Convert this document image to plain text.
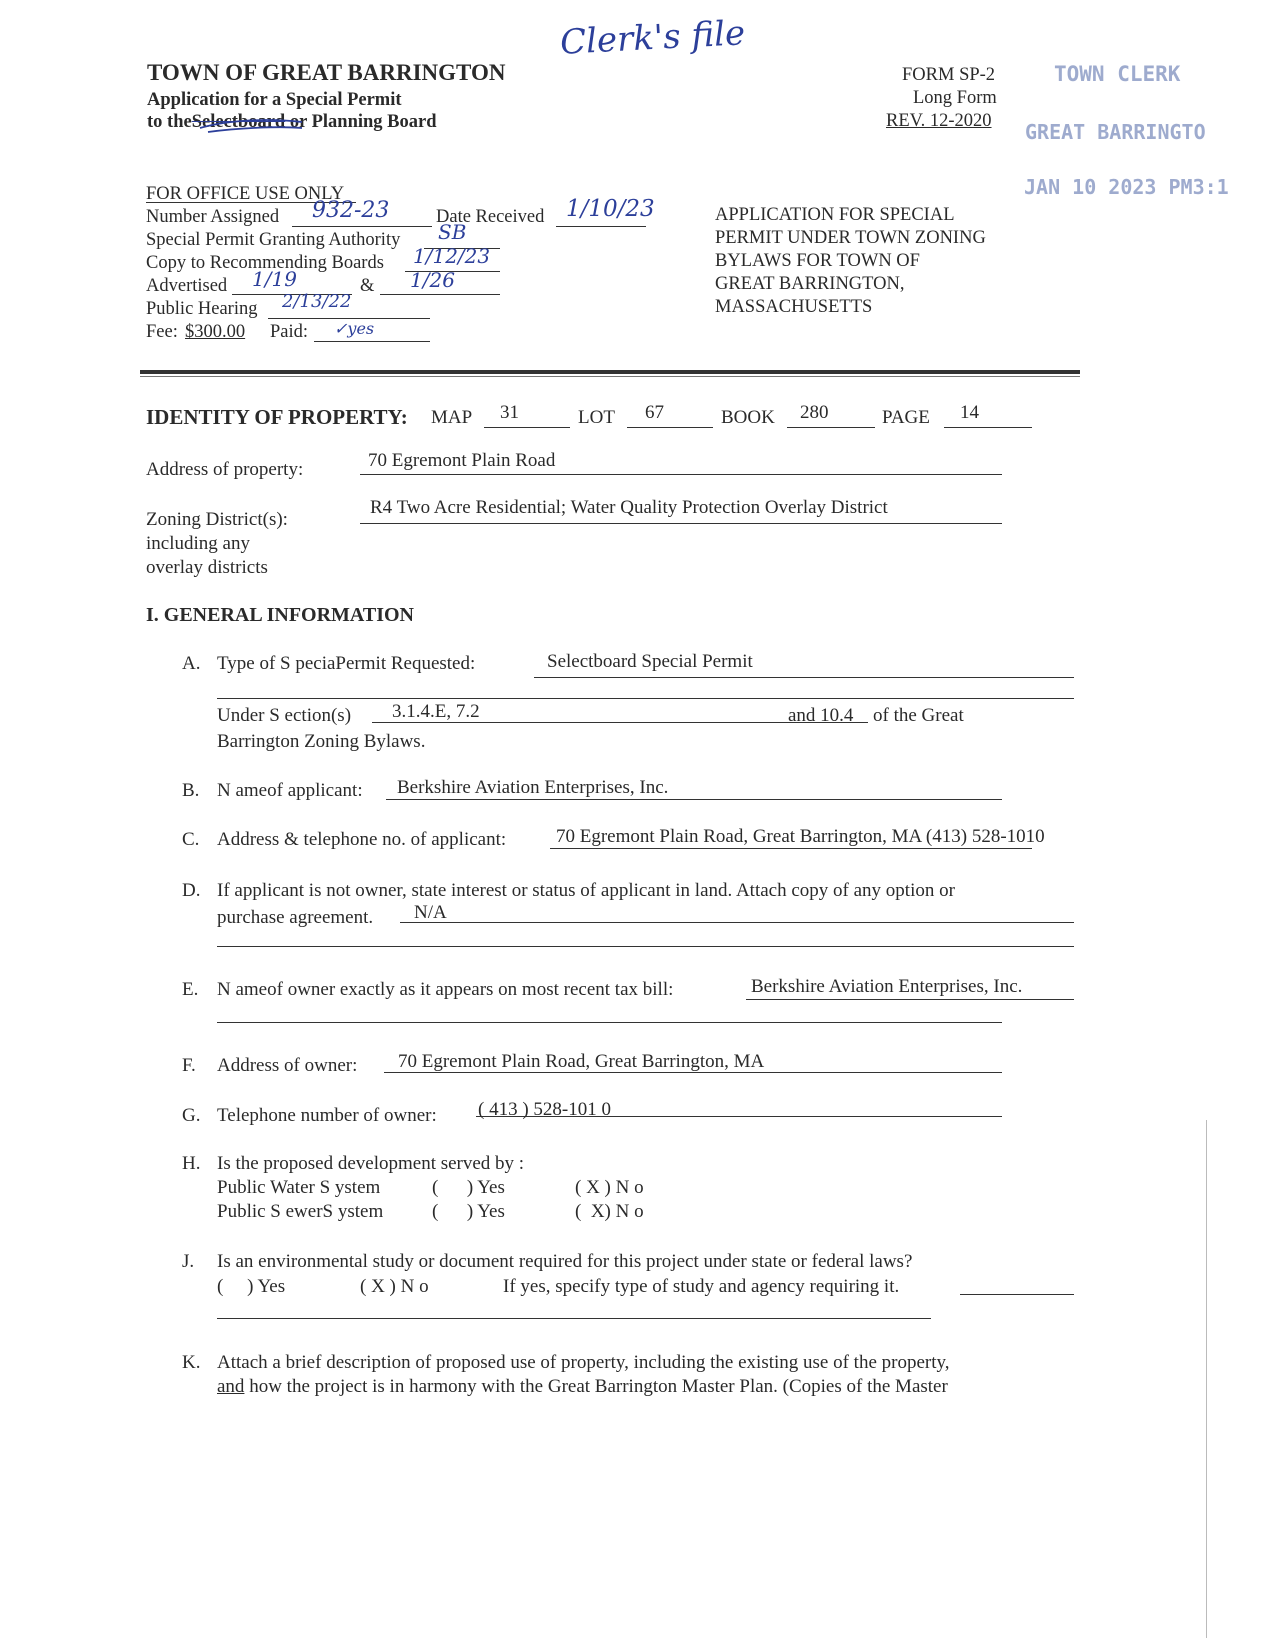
Clerk's file
TOWN OF GREAT BARRINGTON
Application for a Special Permit
to theSelectboard or Planning Board
FORM SP-2
Long Form
REV. 12-2020
TOWN CLERK
GREAT BARRINGTO
JAN 10 2023 PM3:1
FOR OFFICE USE ONLY
Number Assigned 932-23	Date Received 1/10/23
Special Permit Granting Authority SB
Copy to Recommending Boards 1/12/23
Advertised 1/19	& 1/26
Public Hearing 2/13/22
Fee: $300.00 Paid: ✓yes
APPLICATION FOR SPECIAL
PERMIT UNDER TOWN ZONING
BYLAWS FOR TOWN OF
GREAT BARRINGTON,
MASSACHUSETTS
IDENTITY OF PROPERTY: MAP 31	LOT 67	BOOK 280	PAGE 14
Address of property:	70 Egremont Plain Road
Zoning District(s):
including any
overlay districts
R4 Two Acre Residential; Water Quality Protection Overlay District
I. GENERAL INFORMATION
A. Type of S peciaPermit Requested:	Selectboard Special Permit
Under S ection(s) 3.1.4.E, 7.2	and 10.4 of the Great
Barrington Zoning Bylaws.
B. N ameof applicant: Berkshire Aviation Enterprises, Inc.
C. Address & telephone no. of applicant:	70 Egremont Plain Road, Great Barrington, MA (413) 528-1010
D. If applicant is not owner, state interest or status of applicant in land. Attach copy of any option or
purchase agreement. N/A
E. N ameof owner exactly as it appears on most recent tax bill:	Berkshire Aviation Enterprises, Inc.
F. Address of owner: 70 Egremont Plain Road, Great Barrington, MA
G. Telephone number of owner: ( 413 ) 528-101 0
H. Is the proposed development served by :
Public Water S ystem	(      ) Yes	( X ) N o
Public S ewerS ystem	(      ) Yes	(  X) N o
J. Is an environmental study or document required for this project under state or federal laws?
(     ) Yes	( X ) N o	If yes, specify type of study and agency requiring it.
K. Attach a brief description of proposed use of property, including the existing use of the property,
and how the project is in harmony with the Great Barrington Master Plan. (Copies of the Master
